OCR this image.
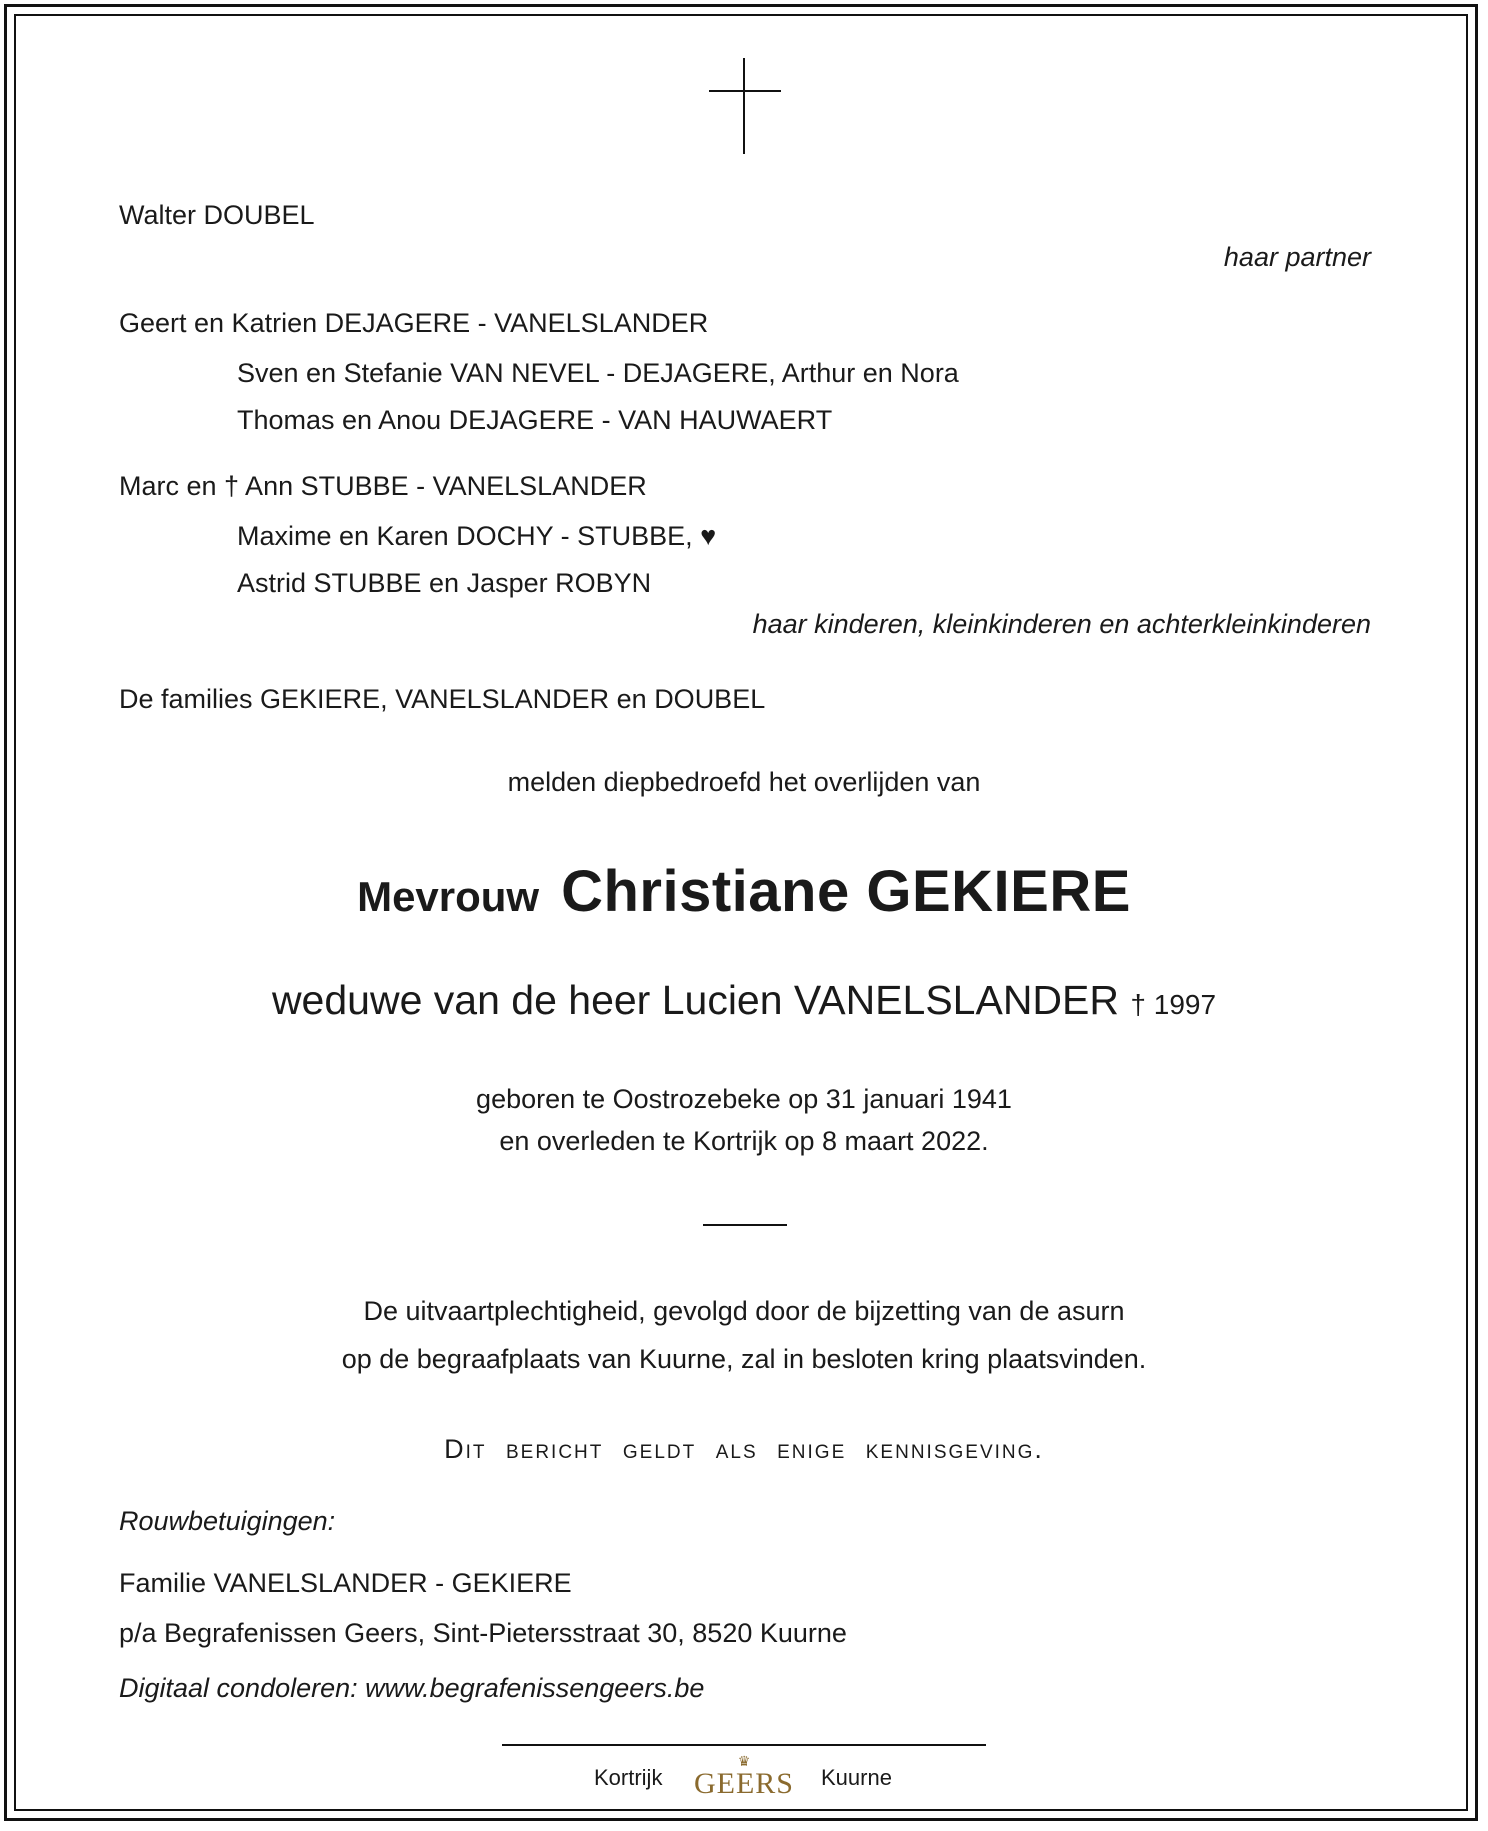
Walter DOUBEL
haar partner
Geert en Katrien DEJAGERE - VANELSLANDER
Sven en Stefanie VAN NEVEL - DEJAGERE, Arthur en Nora
Thomas en Anou DEJAGERE - VAN HAUWAERT
Marc en † Ann STUBBE - VANELSLANDER
Maxime en Karen DOCHY - STUBBE, ♥
Astrid STUBBE en Jasper ROBYN
haar kinderen, kleinkinderen en achterkleinkinderen
De families GEKIERE, VANELSLANDER en DOUBEL
melden diepbedroefd het overlijden van
Mevrouw Christiane GEKIERE
weduwe van de heer Lucien VANELSLANDER † 1997
geboren te Oostrozebeke op 31 januari 1941
en overleden te Kortrijk op 8 maart 2022.
De uitvaartplechtigheid, gevolgd door de bijzetting van de asurn
op de begraafplaats van Kuurne, zal in besloten kring plaatsvinden.
Dit bericht geldt als enige kennisgeving.
Rouwbetuigingen:
Familie VANELSLANDER - GEKIERE
p/a Begrafenissen Geers, Sint-Pietersstraat 30, 8520 Kuurne
Digitaal condoleren: www.begrafenissengeers.be
Kortrijk
♛
GEERS Kuurne
